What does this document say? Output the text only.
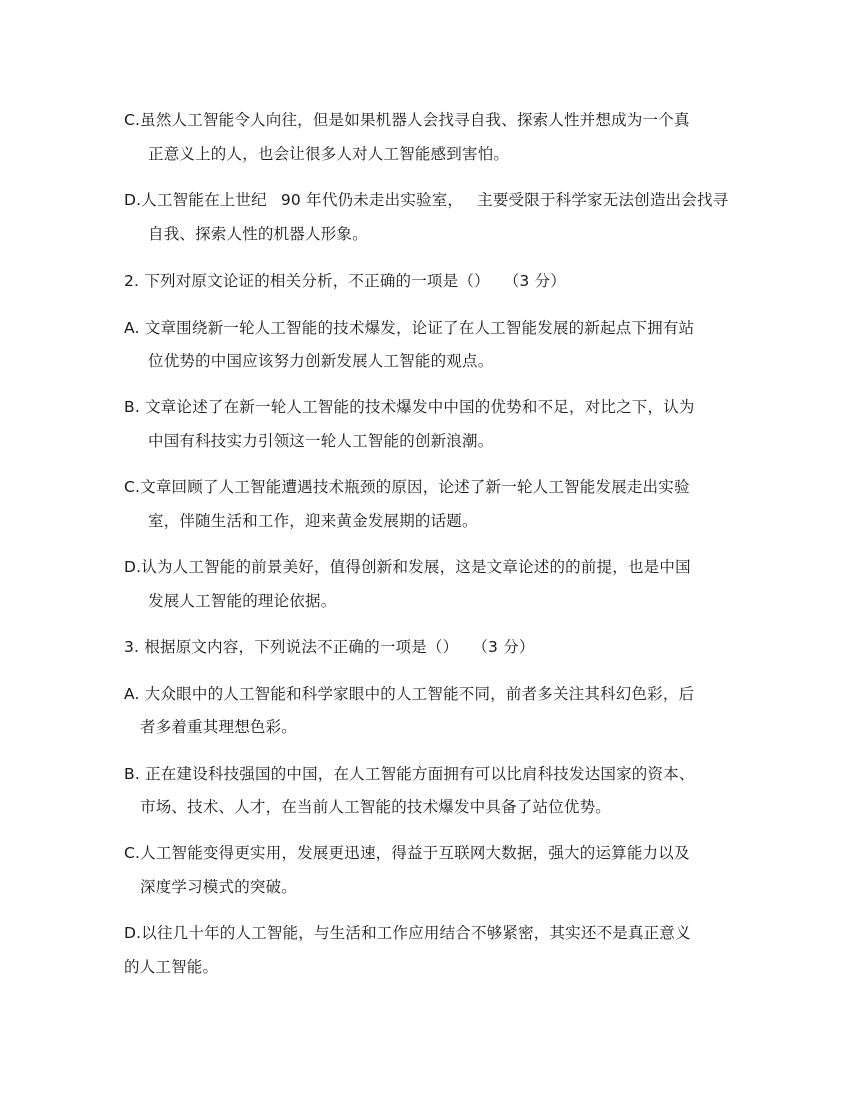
C.虽然人工智能令人向往，但是如果机器人会找寻自我、探索人性并想成为一个真
正意义上的人，也会让很多人对人工智能感到害怕。
D.人工智能在上世纪 90 年代仍未走出实验室， 主要受限于科学家无法创造出会找寻
自我、探索人性的机器人形象。
2. 下列对原文论证的相关分析，不正确的一项是（） （3 分）
A. 文章围绕新一轮人工智能的技术爆发，论证了在人工智能发展的新起点下拥有站
位优势的中国应该努力创新发展人工智能的观点。
B. 文章论述了在新一轮人工智能的技术爆发中中国的优势和不足，对比之下，认为
中国有科技实力引领这一轮人工智能的创新浪潮。
C.文章回顾了人工智能遭遇技术瓶颈的原因，论述了新一轮人工智能发展走出实验
室，伴随生活和工作，迎来黄金发展期的话题。
D.认为人工智能的前景美好，值得创新和发展，这是文章论述的的前提，也是中国
发展人工智能的理论依据。
3. 根据原文内容，下列说法不正确的一项是（） （3 分）
A. 大众眼中的人工智能和科学家眼中的人工智能不同，前者多关注其科幻色彩，后
者多着重其理想色彩。
B. 正在建设科技强国的中国，在人工智能方面拥有可以比肩科技发达国家的资本、
市场、技术、人才，在当前人工智能的技术爆发中具备了站位优势。
C.人工智能变得更实用，发展更迅速，得益于互联网大数据，强大的运算能力以及
深度学习模式的突破。
D.以往几十年的人工智能，与生活和工作应用结合不够紧密，其实还不是真正意义
的人工智能。
